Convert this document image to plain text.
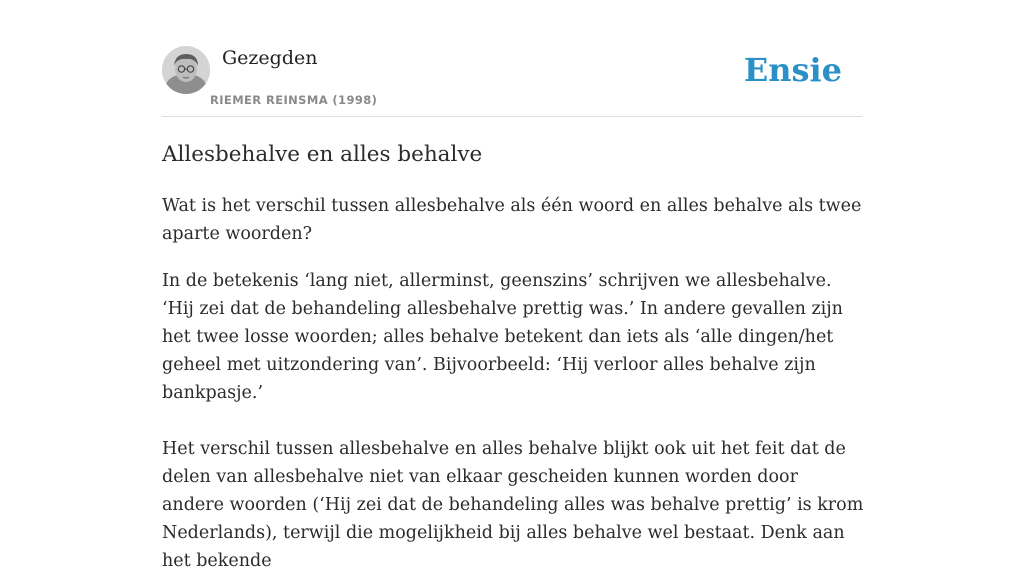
Gezegden
RIEMER REINSMA (1998)
Ensie
Allesbehalve en alles behalve

Wat is het verschil tussen allesbehalve als één woord en alles behalve als twee aparte woorden?

In de betekenis ‘lang niet, allerminst, geenszins’ schrijven we allesbehalve. ‘Hij zei dat de behandeling allesbehalve prettig was.’ In andere gevallen zijn het twee losse woorden; alles behalve betekent dan iets als ‘alle dingen/het geheel met uitzondering van’. Bijvoorbeeld: ‘Hij verloor alles behalve zijn bankpasje.’

Het verschil tussen allesbehalve en alles behalve blijkt ook uit het feit dat de delen van allesbehalve niet van elkaar gescheiden kunnen worden door andere woorden (‘Hij zei dat de behandeling alles was behalve prettig’ is krom Nederlands), terwijl die mogelijkheid bij alles behalve wel bestaat. Denk aan het bekende
